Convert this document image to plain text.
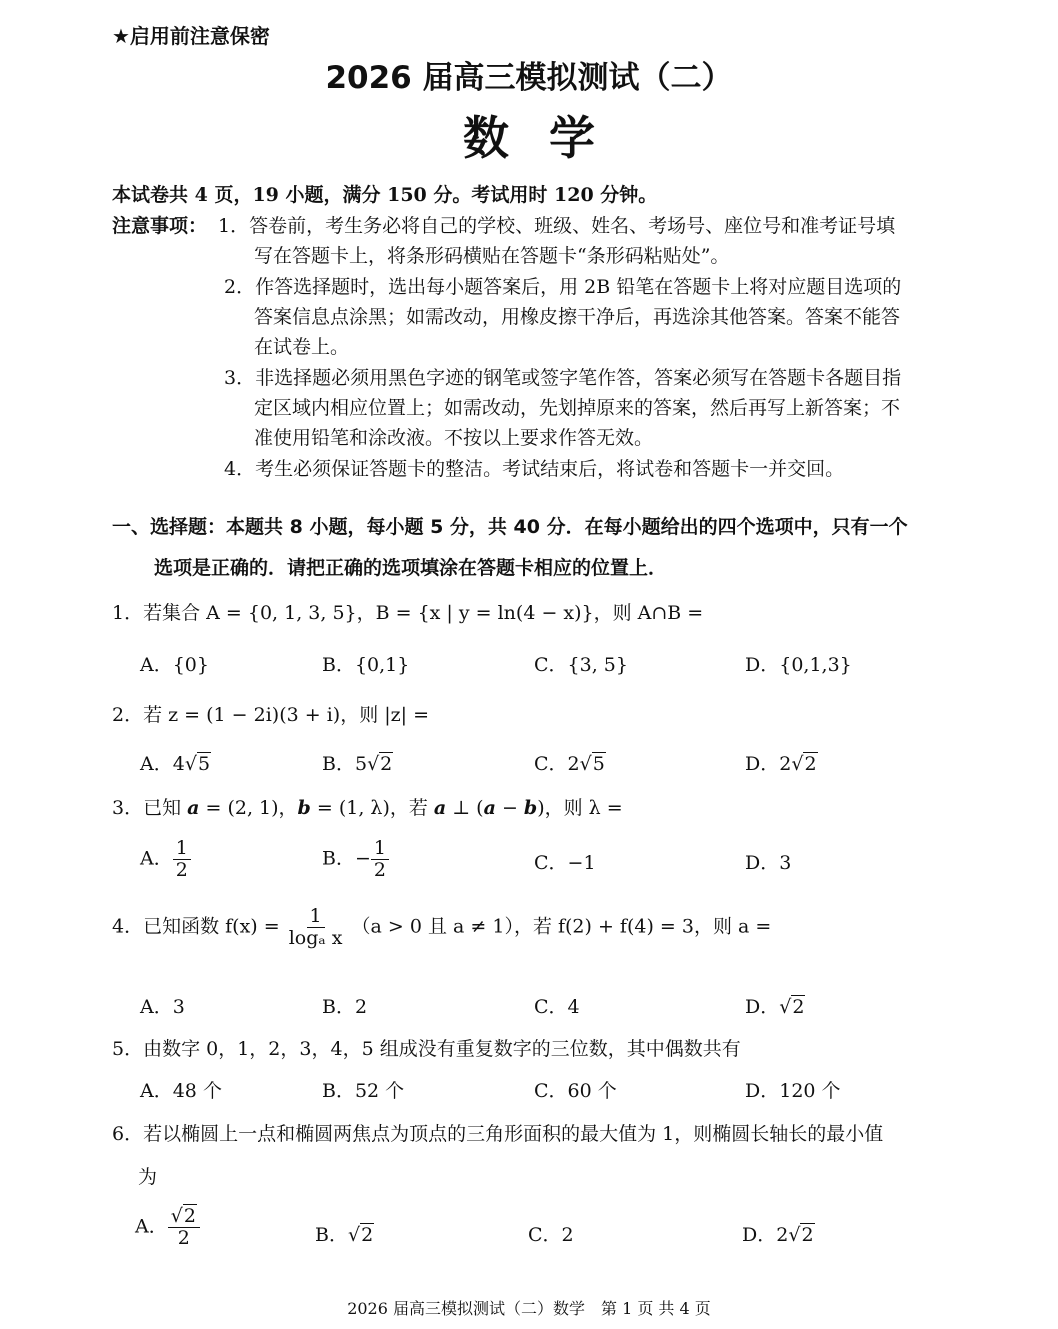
★启用前注意保密
2026 届高三模拟测试（二）
数学
本试卷共 4 页，19 小题，满分 150 分。考试用时 120 分钟。
注意事项： 1．答卷前，考生务必将自己的学校、班级、姓名、考场号、座位号和准考证号填
写在答题卡上，将条形码横贴在答题卡“条形码粘贴处”。
2．作答选择题时，选出每小题答案后，用 2B 铅笔在答题卡上将对应题目选项的
答案信息点涂黑；如需改动，用橡皮擦干净后，再选涂其他答案。答案不能答
在试卷上。
3．非选择题必须用黑色字迹的钢笔或签字笔作答，答案必须写在答题卡各题目指
定区域内相应位置上；如需改动，先划掉原来的答案，然后再写上新答案；不
准使用铅笔和涂改液。不按以上要求作答无效。
4．考生必须保证答题卡的整洁。考试结束后，将试卷和答题卡一并交回。
一、选择题：本题共 8 小题，每小题 5 分，共 40 分．在每小题给出的四个选项中，只有一个
选项是正确的．请把正确的选项填涂在答题卡相应的位置上．
1．若集合 A = {0, 1, 3, 5}，B = {x | y = ln(4 − x)}，则 A∩B =
A．{0}	B．{0,1}	C．{3, 5}	D．{0,1,3}
2．若 z = (1 − 2i)(3 + i)，则 |z| =
A．4√5	B．5√2	C．2√5	D．2√2
3．已知 a = (2, 1)，b = (1, λ)，若 a ⊥ (a − b)，则 λ =
A． $\frac{1}{2}$	B．− $\frac{1}{2}$	C．−1	D．3
4．已知函数 $f(x) = \frac{1}{\text{logₐ x}} (a > 0$ 且 a ≠ 1），若 f(2) + f(4) = 3，则 a =
A．3	B．2	C．4	D．√2
5．由数字 0，1，2，3，4，5 组成没有重复数字的三位数，其中偶数共有
A．48 个	B．52 个	C．60 个	D．120 个
6．若以椭圆上一点和椭圆两焦点为顶点的三角形面积的最大值为 1，则椭圆长轴长的最小值
为
A． $\frac{√2}{2}$	B．√2	C．2	D．2√2
2026 届高三模拟测试（二）数学　第 1 页 共 4 页
